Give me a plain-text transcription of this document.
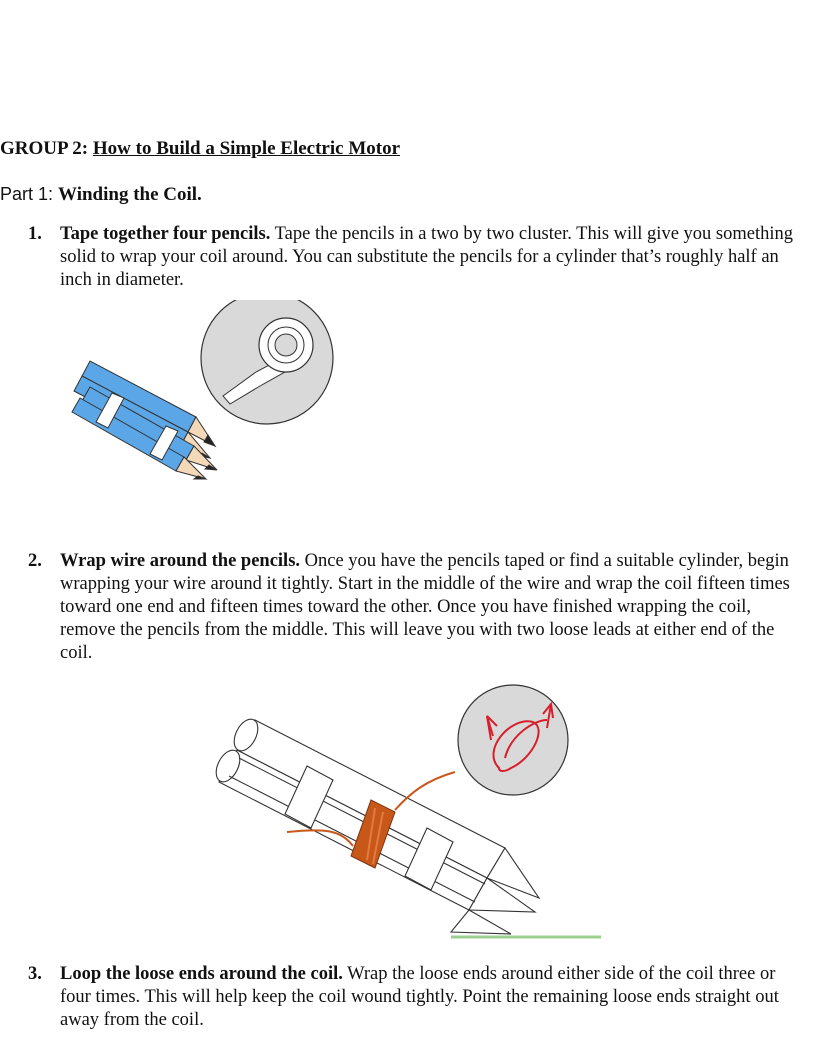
GROUP 2: How to Build a Simple Electric Motor
Part 1: Winding the Coil.
1. Tape together four pencils. Tape the pencils in a two by two cluster. This will give you something solid to wrap your coil around. You can substitute the pencils for a cylinder that’s roughly half an inch in diameter.
2. Wrap wire around the pencils. Once you have the pencils taped or find a suitable cylinder, begin wrapping your wire around it tightly. Start in the middle of the wire and wrap the coil fifteen times toward one end and fifteen times toward the other. Once you have finished wrapping the coil, remove the pencils from the middle. This will leave you with two loose leads at either end of the coil.
3. Loop the loose ends around the coil. Wrap the loose ends around either side of the coil three or four times. This will help keep the coil wound tightly. Point the remaining loose ends straight out away from the coil.
